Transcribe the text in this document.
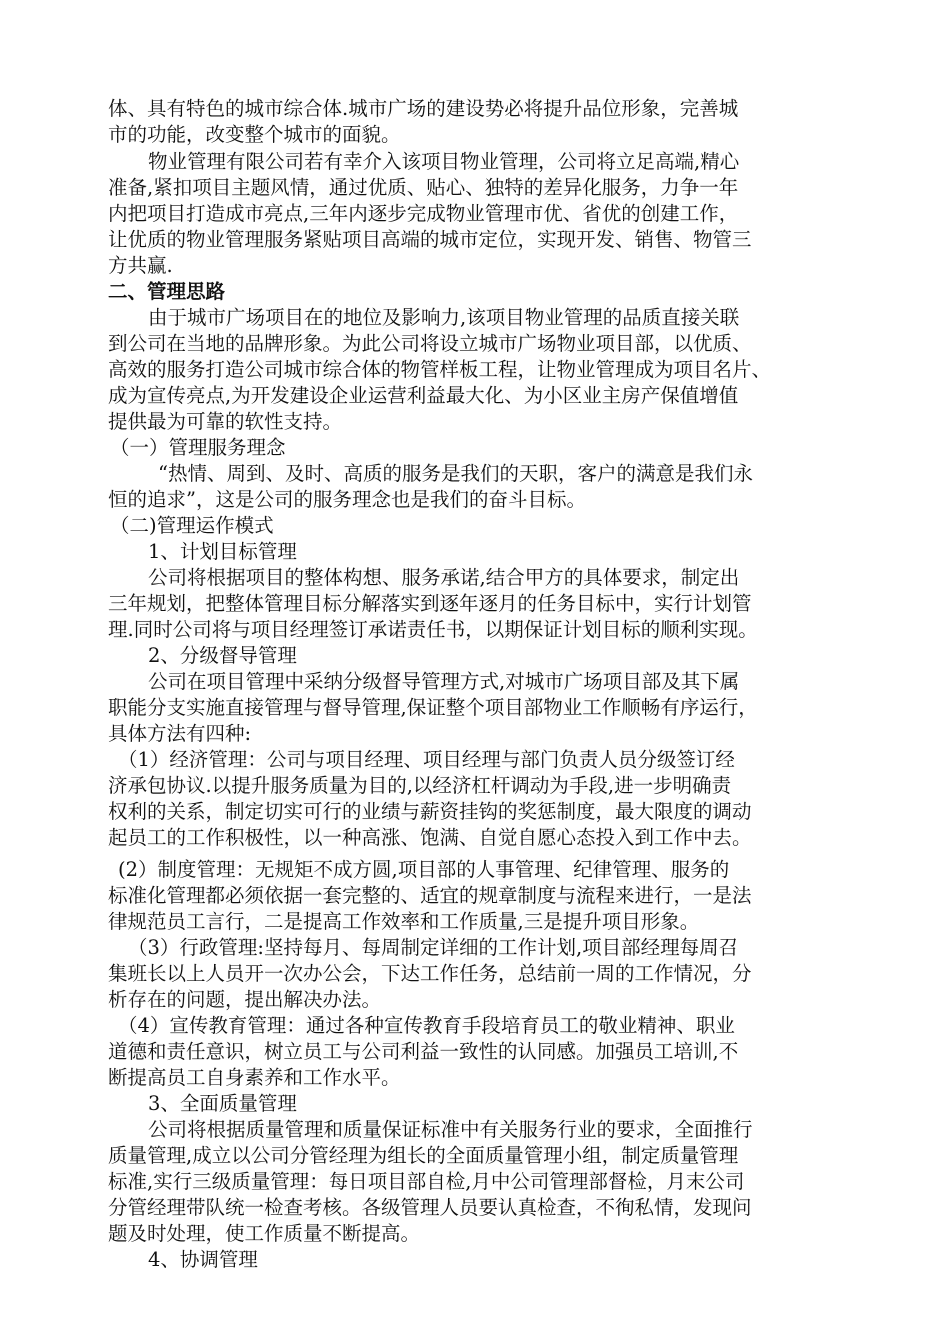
体、具有特色的城市综合体.城市广场的建设势必将提升品位形象，完善城

市的功能，改变整个城市的面貌。

物业管理有限公司若有幸介入该项目物业管理，公司将立足高端,精心

准备,紧扣项目主题风情，通过优质、贴心、独特的差异化服务，力争一年

内把项目打造成市亮点,三年内逐步完成物业管理市优、省优的创建工作，

让优质的物业管理服务紧贴项目高端的城市定位，实现开发、销售、物管三

方共赢.

二、管理思路

由于城市广场项目在的地位及影响力,该项目物业管理的品质直接关联

到公司在当地的品牌形象。为此公司将设立城市广场物业项目部，以优质、

高效的服务打造公司城市综合体的物管样板工程，让物业管理成为项目名片、

成为宣传亮点,为开发建设企业运营利益最大化、为小区业主房产保值增值

提供最为可靠的软性支持。

（一）管理服务理念

“热情、周到、及时、高质的服务是我们的天职，客户的满意是我们永

恒的追求”，这是公司的服务理念也是我们的奋斗目标。

（二)管理运作模式

1、计划目标管理

公司将根据项目的整体构想、服务承诺,结合甲方的具体要求，制定出

三年规划，把整体管理目标分解落实到逐年逐月的任务目标中，实行计划管

理.同时公司将与项目经理签订承诺责任书，以期保证计划目标的顺利实现。

2、分级督导管理

公司在项目管理中采纳分级督导管理方式,对城市广场项目部及其下属

职能分支实施直接管理与督导管理,保证整个项目部物业工作顺畅有序运行，

具体方法有四种:

（1）经济管理：公司与项目经理、项目经理与部门负责人员分级签订经

济承包协议.以提升服务质量为目的,以经济杠杆调动为手段,进一步明确责

权利的关系，制定切实可行的业绩与薪资挂钩的奖惩制度，最大限度的调动

起员工的工作积极性，以一种高涨、饱满、自觉自愿心态投入到工作中去。

(2）制度管理：无规矩不成方圆,项目部的人事管理、纪律管理、服务的

标准化管理都必须依据一套完整的、适宜的规章制度与流程来进行，一是法

律规范员工言行，二是提高工作效率和工作质量,三是提升项目形象。

（3）行政管理:坚持每月、每周制定详细的工作计划,项目部经理每周召

集班长以上人员开一次办公会，下达工作任务，总结前一周的工作情况，分

析存在的问题，提出解决办法。

（4）宣传教育管理：通过各种宣传教育手段培育员工的敬业精神、职业

道德和责任意识，树立员工与公司利益一致性的认同感。加强员工培训,不

断提高员工自身素养和工作水平。

3、全面质量管理

公司将根据质量管理和质量保证标准中有关服务行业的要求，全面推行

质量管理,成立以公司分管经理为组长的全面质量管理小组，制定质量管理

标准,实行三级质量管理：每日项目部自检,月中公司管理部督检，月末公司

分管经理带队统一检查考核。各级管理人员要认真检查，不徇私情，发现问

题及时处理，使工作质量不断提高。

4、协调管理
